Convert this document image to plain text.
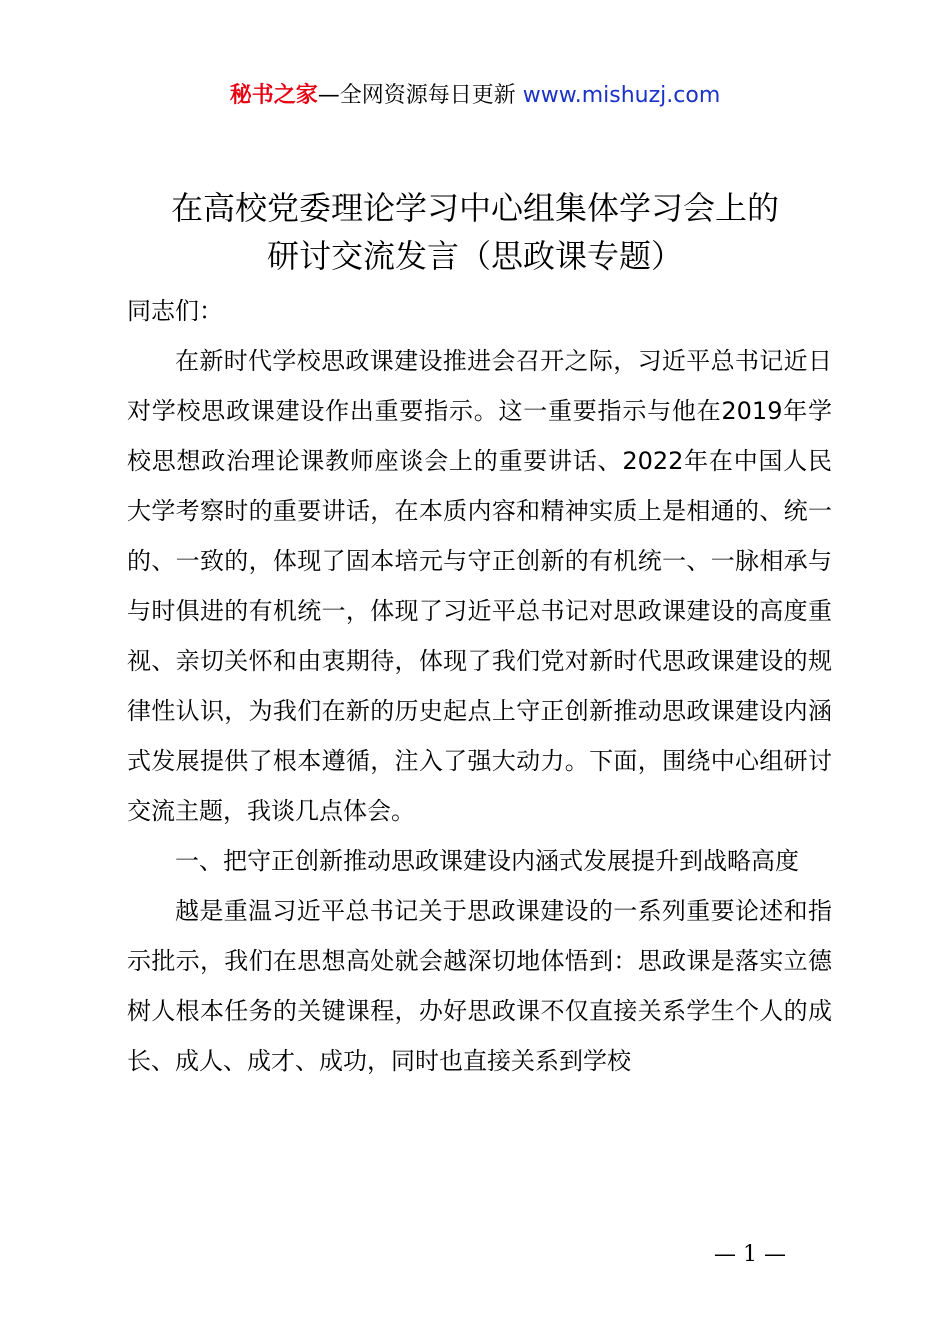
秘书之家—全网资源每日更新 www.mishuzj.com
在高校党委理论学习中心组集体学习会上的
研讨交流发言（思政课专题）

同志们：

在新时代学校思政课建设推进会召开之际，习近平总书记近日对学校思政课建设作出重要指示。这一重要指示与他在2019年学校思想政治理论课教师座谈会上的重要讲话、2022年在中国人民大学考察时的重要讲话，在本质内容和精神实质上是相通的、统一的、一致的，体现了固本培元与守正创新的有机统一、一脉相承与与时俱进的有机统一，体现了习近平总书记对思政课建设的高度重视、亲切关怀和由衷期待，体现了我们党对新时代思政课建设的规律性认识，为我们在新的历史起点上守正创新推动思政课建设内涵式发展提供了根本遵循，注入了强大动力。下面，围绕中心组研讨交流主题，我谈几点体会。

一、把守正创新推动思政课建设内涵式发展提升到战略高度

越是重温习近平总书记关于思政课建设的一系列重要论述和指示批示，我们在思想高处就会越深切地体悟到：思政课是落实立德树人根本任务的关键课程，办好思政课不仅直接关系学生个人的成长、成人、成才、成功，同时也直接关系到学校

— 1 —
